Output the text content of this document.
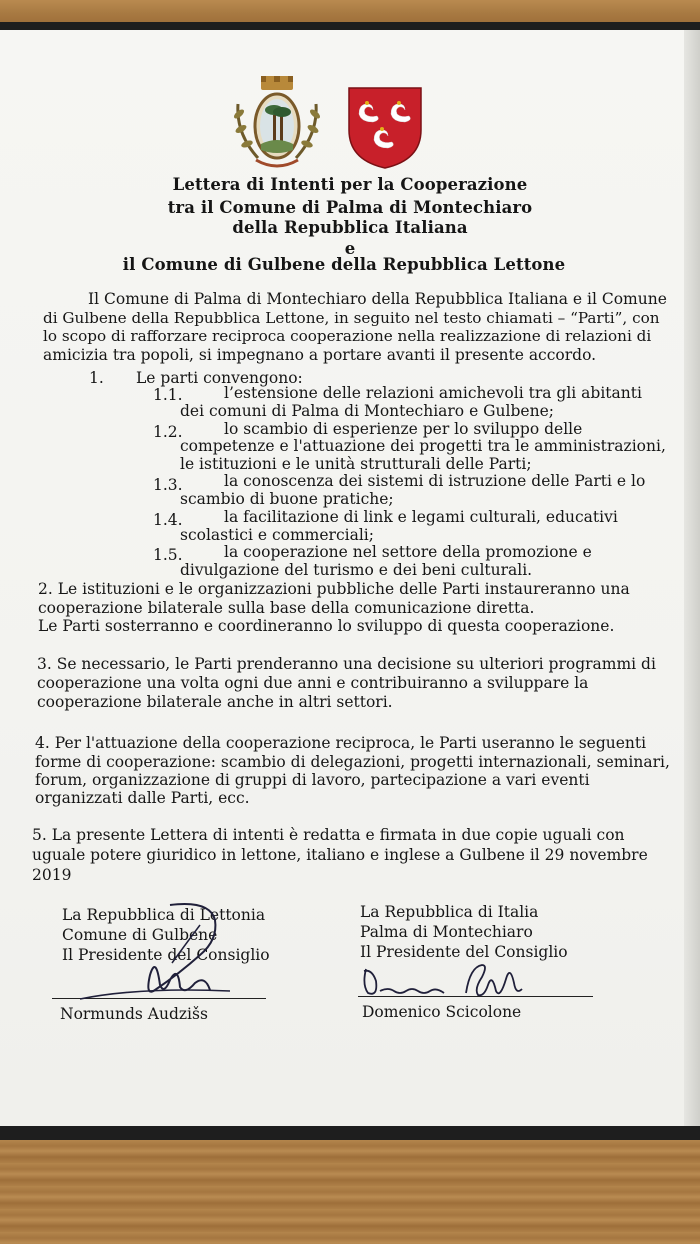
Lettera di Intenti per la Cooperazione
tra il Comune di Palma di Montechiaro
della Repubblica Italiana
e
il Comune di Gulbene della Repubblica Lettone
Il Comune di Palma di Montechiaro della Repubblica Italiana e il Comune
di Gulbene della Repubblica Lettone, in seguito nel testo chiamati – “Parti”, con
lo scopo di rafforzare reciproca cooperazione nella realizzazione di relazioni di
amicizia tra popoli, si impegnano a portare avanti il presente accordo.
1. Le parti convengono:
1.1.	l’estensione delle relazioni amichevoli tra gli abitanti
dei comuni di Palma di Montechiaro e Gulbene;
1.2.	lo scambio di esperienze per lo sviluppo delle
competenze e l'attuazione dei progetti tra le amministrazioni,
le istituzioni e le unità strutturali delle Parti;
1.3.	la conoscenza dei sistemi di istruzione delle Parti e lo
scambio di buone pratiche;
1.4.	la facilitazione di link e legami culturali, educativi
scolastici e commerciali;
1.5.	la cooperazione nel settore della promozione e
divulgazione del turismo e dei beni culturali.
2. Le istituzioni e le organizzazioni pubbliche delle Parti instaureranno una
cooperazione bilaterale sulla base della comunicazione diretta.
Le Parti sosterranno e coordineranno lo sviluppo di questa cooperazione.
3. Se necessario, le Parti prenderanno una decisione su ulteriori programmi di
cooperazione una volta ogni due anni e contribuiranno a sviluppare la
cooperazione bilaterale anche in altri settori.
4. Per l'attuazione della cooperazione reciproca, le Parti useranno le seguenti
forme di cooperazione: scambio di delegazioni, progetti internazionali, seminari,
forum, organizzazione di gruppi di lavoro, partecipazione a vari eventi
organizzati dalle Parti, ecc.
5. La presente Lettera di intenti è redatta e firmata in due copie uguali con
uguale potere giuridico in lettone, italiano e inglese a Gulbene il 29 novembre
2019
La Repubblica di Lettonia
Comune di Gulbene
Il Presidente del Consiglio
Normunds Audzišs
La Repubblica di Italia
Palma di Montechiaro
Il Presidente del Consiglio
Domenico Scicolone
